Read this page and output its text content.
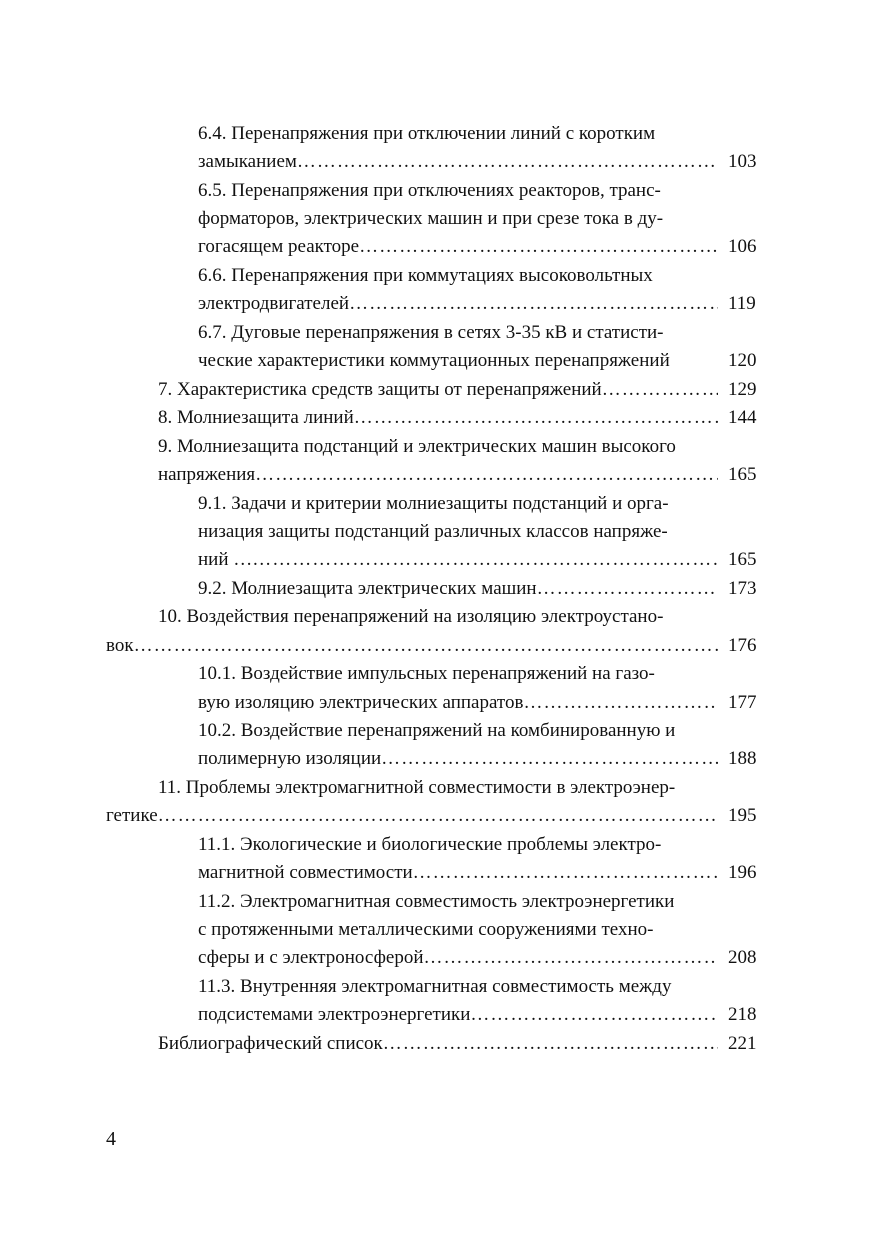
6.4. Перенапряжения при отключении линий с коротким
замыканием …………………………………………………………………………………………………………………………………………………………………………………………	103
6.5. Перенапряжения при отключениях реакторов, транс-
форматоров, электрических машин и при срезе тока в ду-
гогасящем реакторе …………………………………………………………………………………………………………………………………………………………………………………………	106
6.6. Перенапряжения при коммутациях высоковольтных
электродвигателей …………………………………………………………………………………………………………………………………………………………………………………………	119
6.7. Дуговые перенапряжения в сетях 3-35 кВ и статисти-
ческие характеристики коммутационных перенапряжений	120
7. Характеристика средств защиты от перенапряжений …………………………………………………………………………………………………………………………………………………………………………………………	129
8. Молниезащита линий …………………………………………………………………………………………………………………………………………………………………………………………	144
9. Молниезащита подстанций и электрических машин высокого
напряжения …………………………………………………………………………………………………………………………………………………………………………………………	165
9.1. Задачи и критерии молниезащиты подстанций и орга-
низация защиты подстанций различных классов напряже-
ний … …………………………………………………………………………………………………………………………………………………………………………………………	165
9.2. Молниезащита электрических машин …………………………………………………………………………………………………………………………………………………………………………………………	173
10. Воздействия перенапряжений на изоляцию электроустано-
вок …………………………………………………………………………………………………………………………………………………………………………………………	176
10.1. Воздействие импульсных перенапряжений на газо-
вую изоляцию электрических аппаратов …………………………………………………………………………………………………………………………………………………………………………………………	177
10.2. Воздействие перенапряжений на комбинированную и
полимерную изоляции …………………………………………………………………………………………………………………………………………………………………………………………	188
11. Проблемы электромагнитной совместимости в электроэнер-
гетике …………………………………………………………………………………………………………………………………………………………………………………………	195
11.1. Экологические и биологические проблемы электро-
магнитной совместимости …………………………………………………………………………………………………………………………………………………………………………………………	196
11.2. Электромагнитная совместимость электроэнергетики
с протяженными металлическими сооружениями техно-
сферы и с электроносферой …………………………………………………………………………………………………………………………………………………………………………………………	208
11.3. Внутренняя электромагнитная совместимость между
подсистемами электроэнергетики …………………………………………………………………………………………………………………………………………………………………………………………	218
Библиографический список …………………………………………………………………………………………………………………………………………………………………………………………	221
4
